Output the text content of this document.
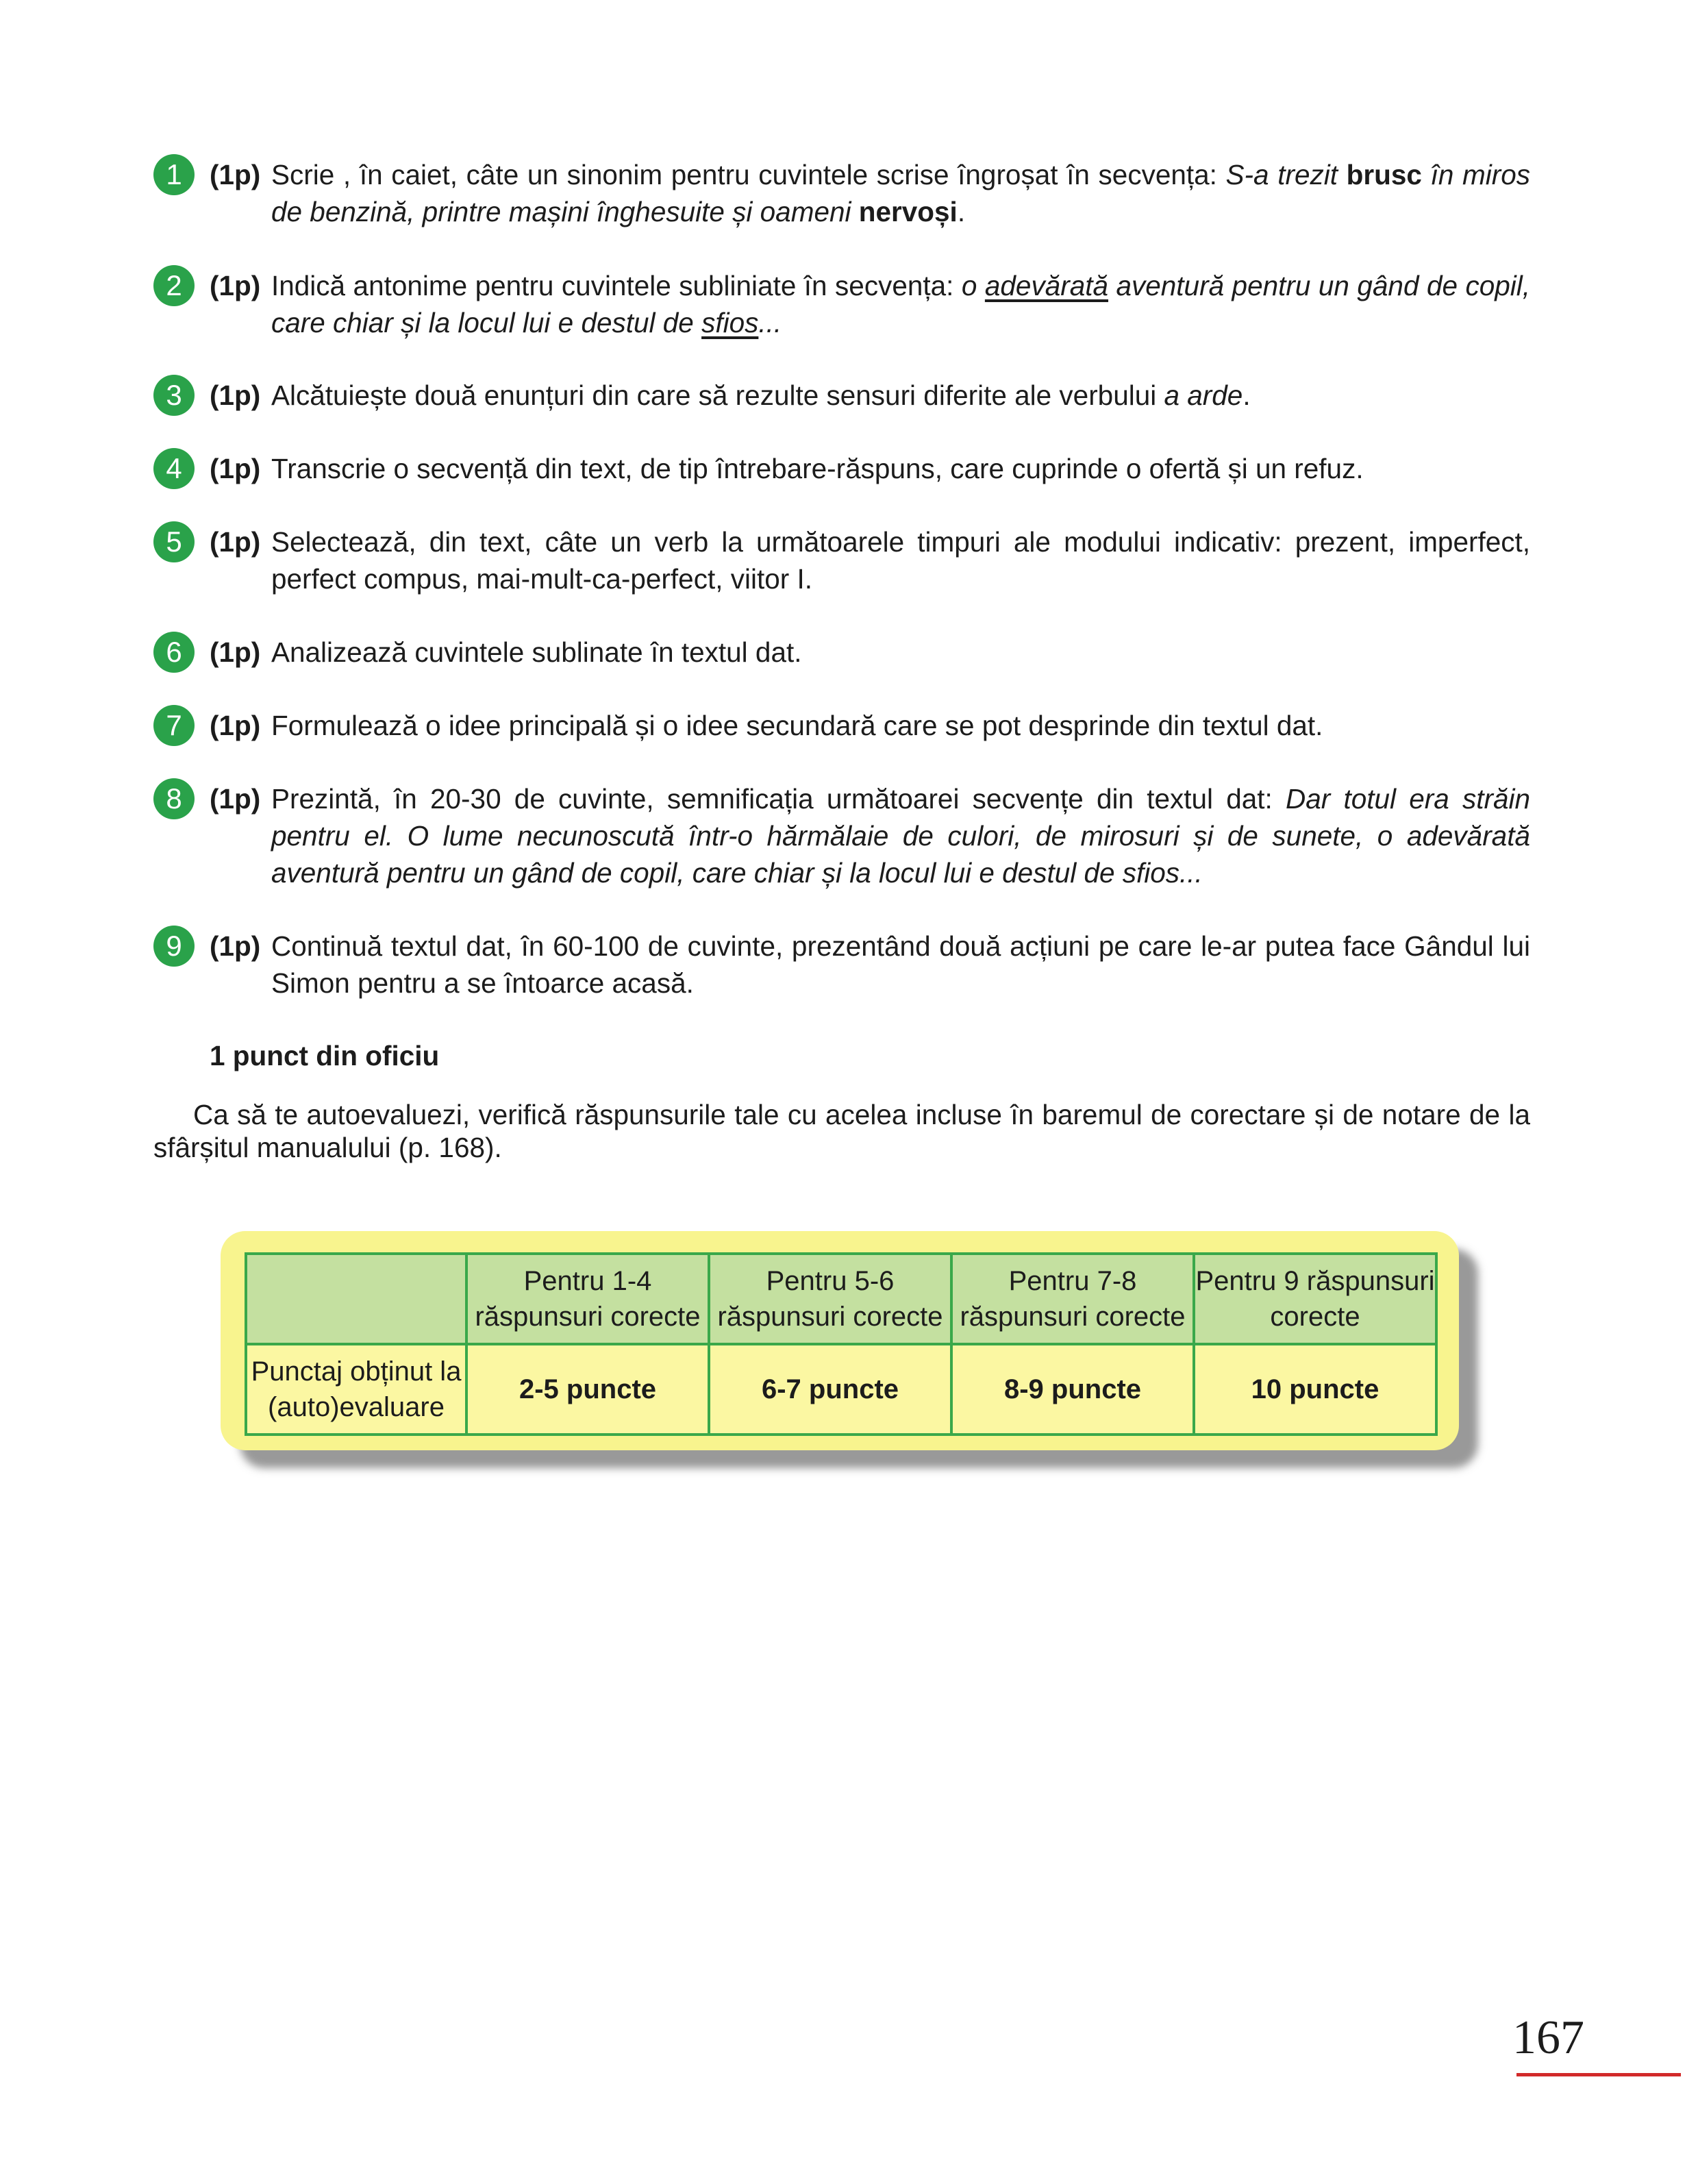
1 (1p) Scrie , în caiet, câte un sinonim pentru cuvintele scrise îngroșat în secvența: S-a trezit brusc în miros de benzină, printre mașini înghesuite și oameni nervoși.
2 (1p) Indică antonime pentru cuvintele subliniate în secvența: o adevărată aventură pentru un gând de copil, care chiar și la locul lui e destul de sfios...
3 (1p) Alcătuiește două enunțuri din care să rezulte sensuri diferite ale verbului a arde.
4 (1p) Transcrie o secvență din text, de tip întrebare-răspuns, care cuprinde o ofertă și un refuz.
5 (1p) Selectează, din text, câte un verb la următoarele timpuri ale modului indicativ: prezent, imperfect, perfect compus, mai-mult-ca-perfect, viitor I.
6 (1p) Analizează cuvintele sublinate în textul dat.
7 (1p) Formulează o idee principală și o idee secundară care se pot desprinde din textul dat.
8 (1p) Prezintă, în 20-30 de cuvinte, semnificația următoarei secvențe din textul dat: Dar totul era străin pentru el. O lume necunoscută într-o hărmălaie de culori, de mirosuri și de sunete, o adevărată aventură pentru un gând de copil, care chiar și la locul lui e destul de sfios...
9 (1p) Continuă textul dat, în 60-100 de cuvinte, prezentând două acțiuni pe care le-ar putea face Gândul lui Simon pentru a se întoarce acasă.
1 punct din oficiu
Ca să te autoevaluezi, verifică răspunsurile tale cu acelea incluse în baremul de corectare și de notare de la sfârșitul manualului (p. 168).
	Pentru 1-4 răspunsuri corecte	Pentru 5-6 răspunsuri corecte	Pentru 7-8 răspunsuri corecte	Pentru 9 răspunsuri corecte
Punctaj obținut la (auto)evaluare	2-5 puncte	6-7 puncte	8-9 puncte	10 puncte
167
